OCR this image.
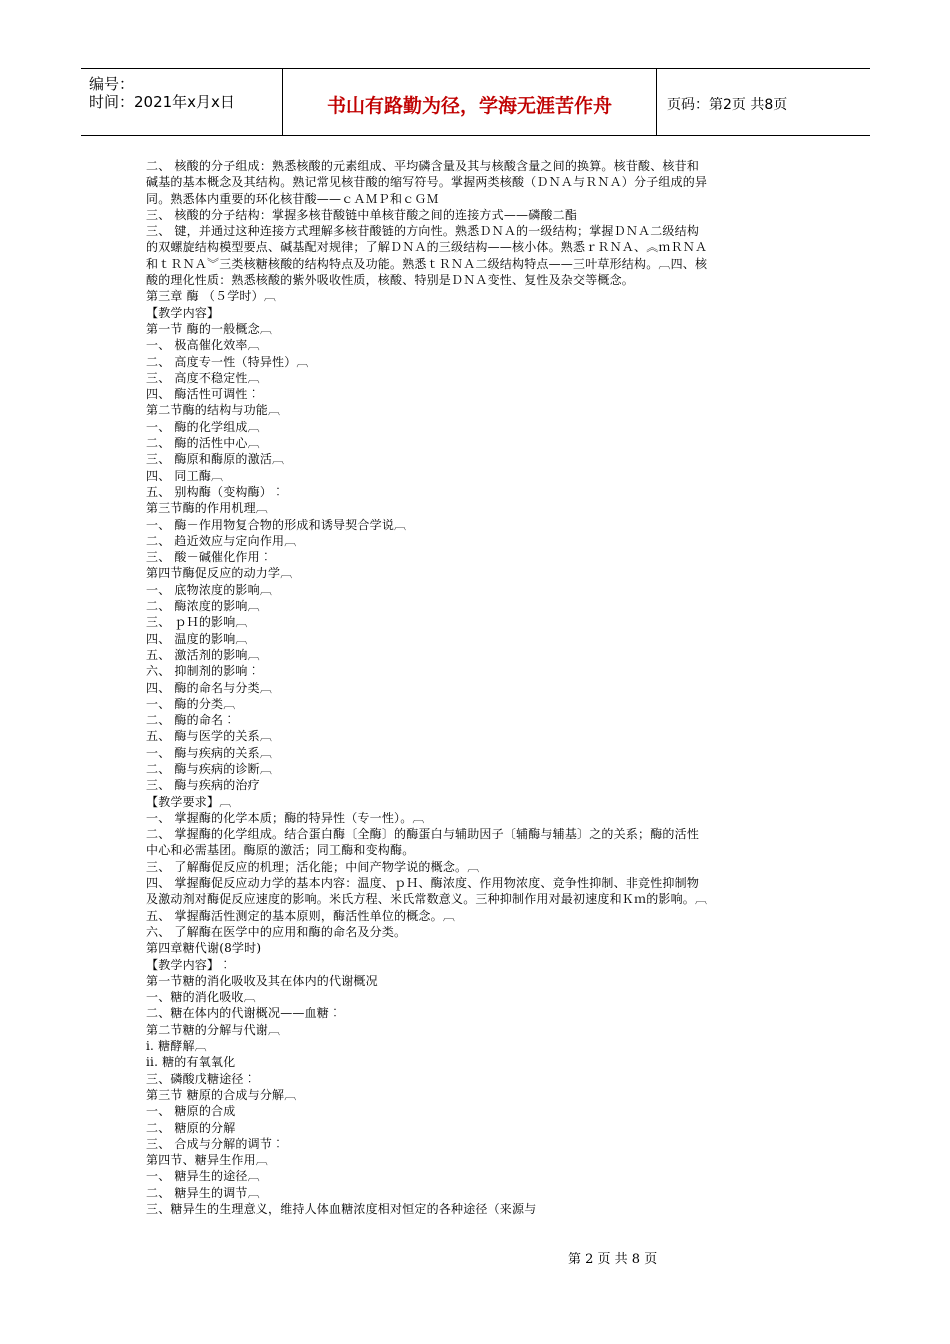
编号：
时间：2021年x月x日	书山有路勤为径，学海无涯苦作舟	页码：第2页 共8页
二、 核酸的分子组成：熟悉核酸的元素组成、平均磷含量及其与核酸含量之间的换算。核苷酸、核苷和
碱基的基本概念及其结构。熟记常见核苷酸的缩写符号。掌握两类核酸（ＤＮＡ与ＲＮＡ）分子组成的异
同。熟悉体内重要的环化核苷酸——ｃＡＭＰ和ｃＧＭ
三、 核酸的分子结构：掌握多核苷酸链中单核苷酸之间的连接方式——磷酸二酯
三、 键，并通过这种连接方式理解多核苷酸链的方向性。熟悉ＤＮＡ的一级结构；掌握ＤＮＡ二级结构
的双螺旋结构模型要点、碱基配对规律；了解ＤＮＡ的三级结构——核小体。熟悉ｒＲＮＡ、︽ｍＲＮＡ
和ｔＲＮＡ︾三类核糖核酸的结构特点及功能。熟悉ｔＲＮＡ二级结构特点——三叶草形结构。︹四、核
酸的理化性质：熟悉核酸的紫外吸收性质，核酸、特别是ＤＮＡ变性、复性及杂交等概念。
第三章 酶 （５学时）︹
【教学内容】
第一节 酶的一般概念︹
一、 极高催化效率︹
二、 高度专一性（特异性）︹
三、 高度不稳定性︹
四、 酶活性可调性︰
第二节酶的结构与功能︹
一、 酶的化学组成︹
二、 酶的活性中心︹
三、 酶原和酶原的激活︹
四、 同工酶︹
五、 别构酶（变构酶）︰
第三节酶的作用机理︹
一、 酶－作用物复合物的形成和诱导契合学说︹
二、 趋近效应与定向作用︹
三、 酸－碱催化作用︰
第四节酶促反应的动力学︹
一、 底物浓度的影响︹
二、 酶浓度的影响︹
三、 ｐＨ的影响︹
四、 温度的影响︹
五、 激活剂的影响︹
六、 抑制剂的影响︰
四、 酶的命名与分类︹
一、 酶的分类︹
二、 酶的命名︰
五、 酶与医学的关系︹
一、 酶与疾病的关系︹
二、 酶与疾病的诊断︹
三、 酶与疾病的治疗
【教学要求】︹
一、 掌握酶的化学本质；酶的特异性（专一性）。︹
二、 掌握酶的化学组成。结合蛋白酶〔全酶〕的酶蛋白与辅助因子〔辅酶与辅基〕之的关系；酶的活性
中心和必需基团。酶原的激活；同工酶和变构酶。
三、 了解酶促反应的机理；活化能；中间产物学说的概念。︹
四、 掌握酶促反应动力学的基本内容：温度、ｐＨ、酶浓度、作用物浓度、竞争性抑制、非竞性抑制物
及激动剂对酶促反应速度的影响。米氏方程、米氏常数意义。三种抑制作用对最初速度和Ｋｍ的影响。︹
五、 掌握酶活性测定的基本原则，酶活性单位的概念。︹
六、 了解酶在医学中的应用和酶的命名及分类。
第四章糖代谢(8学时)
【教学内容】︰
第一节糖的消化吸收及其在体内的代谢概况
一、糖的消化吸收︹
二、糖在体内的代谢概况——血糖︰
第二节糖的分解与代谢︹
i. 糖酵解︹
ii. 糖的有氧氧化
三、磷酸戊糖途径︰
第三节 糖原的合成与分解︹
一、 糖原的合成
二、 糖原的分解
三、 合成与分解的调节︰
第四节、糖异生作用︹
一、 糖异生的途径︹
二、 糖异生的调节︹
三、糖异生的生理意义，维持人体血糖浓度相对恒定的各种途径（来源与
第 2 页 共 8 页
